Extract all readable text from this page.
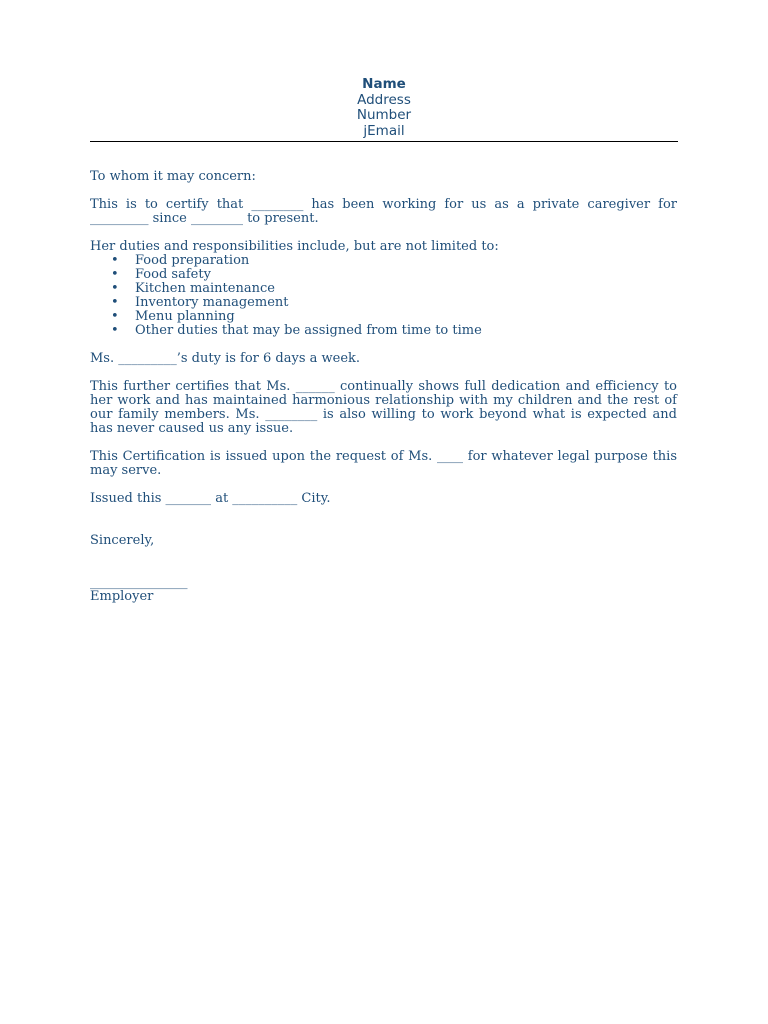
Name
Address
Number
jEmail

To whom it may concern:

This is to certify that ________ has been working for us as a private caregiver for _________ since ________ to present.

Her duties and responsibilities include, but are not limited to:
• Food preparation
• Food safety
• Kitchen maintenance
• Inventory management
• Menu planning
• Other duties that may be assigned from time to time

Ms. _________’s duty is for 6 days a week.

This further certifies that Ms. ______ continually shows full dedication and efficiency to her work and has maintained harmonious relationship with my children and the rest of our family members. Ms. ________ is also willing to work beyond what is expected and has never caused us any issue.

This Certification is issued upon the request of Ms. ____ for whatever legal purpose this may serve.

Issued this _______ at __________ City.

Sincerely,

_______________
Employer
